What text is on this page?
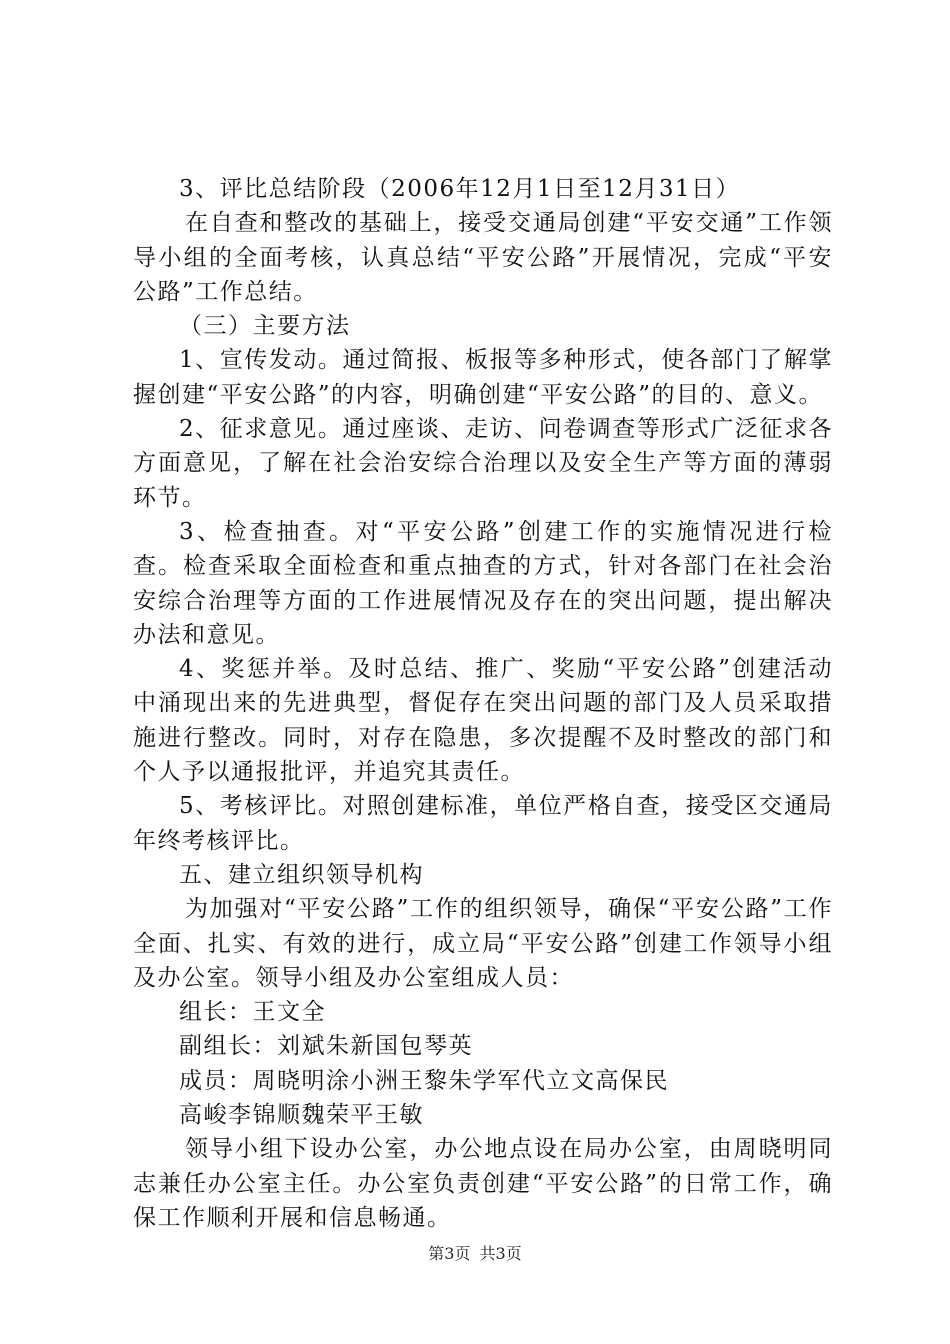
3、评比总结阶段（2006年12月1日至12月31日）

在自查和整改的基础上，接受交通局创建“平安交通”工作领导小组的全面考核，认真总结“平安公路”开展情况，完成“平安公路”工作总结。

（三）主要方法

1、宣传发动。通过简报、板报等多种形式，使各部门了解掌握创建“平安公路”的内容，明确创建“平安公路”的目的、意义。

2、征求意见。通过座谈、走访、问卷调查等形式广泛征求各方面意见，了解在社会治安综合治理以及安全生产等方面的薄弱环节。

3、检查抽查。对“平安公路”创建工作的实施情况进行检查。检查采取全面检查和重点抽查的方式，针对各部门在社会治安综合治理等方面的工作进展情况及存在的突出问题，提出解决办法和意见。

4、奖惩并举。及时总结、推广、奖励“平安公路”创建活动中涌现出来的先进典型，督促存在突出问题的部门及人员采取措施进行整改。同时，对存在隐患，多次提醒不及时整改的部门和个人予以通报批评，并追究其责任。

5、考核评比。对照创建标准，单位严格自查，接受区交通局年终考核评比。

五、建立组织领导机构

为加强对“平安公路”工作的组织领导，确保“平安公路”工作全面、扎实、有效的进行，成立局“平安公路”创建工作领导小组及办公室。领导小组及办公室组成人员：

组长：王文全

副组长：刘斌朱新国包琴英

成员：周晓明涂小洲王黎朱学军代立文高保民

高峻李锦顺魏荣平王敏

领导小组下设办公室，办公地点设在局办公室，由周晓明同志兼任办公室主任。办公室负责创建“平安公路”的日常工作，确保工作顺利开展和信息畅通。

第3页 共3页
